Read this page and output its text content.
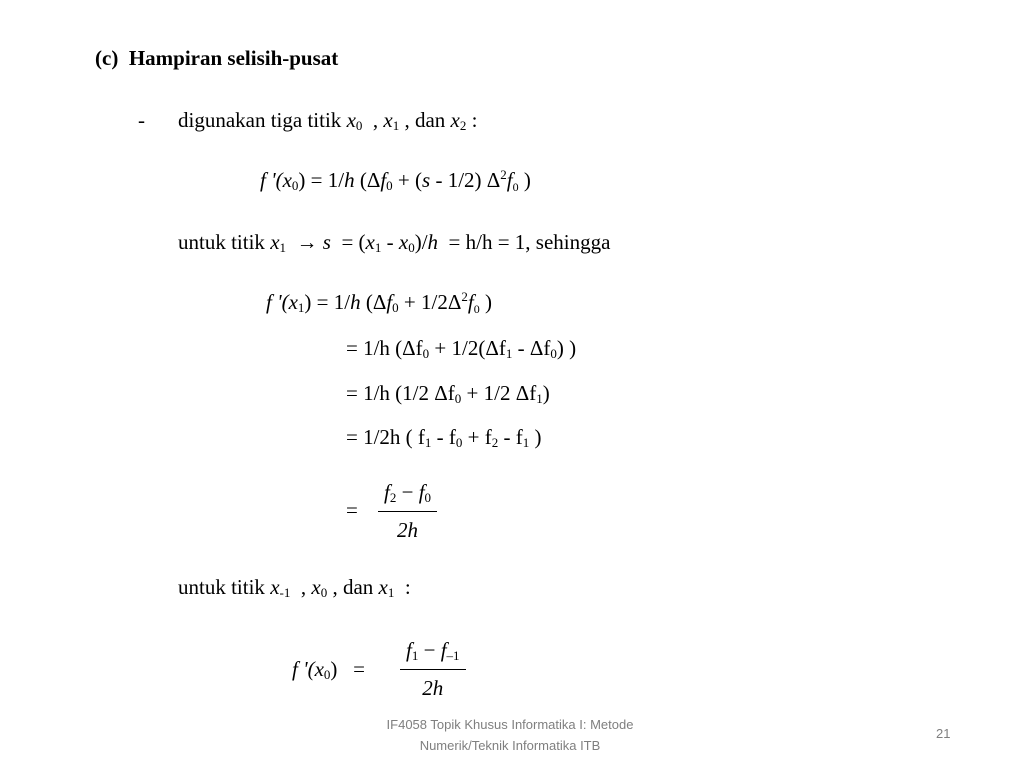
(c) Hampiran selisih-pusat
- digunakan tiga titik $x_0$ , $x_1$ , dan $x_2$ :
f '$(x_0) = 1/h$ ($\Delta f_0 + (s - 1/2)$ $\Delta^2f_0$ )
untuk titik $x_1 \to s = (x_1 - x_0)/h = h/h = 1$, sehingga
f '$(x_1) = 1/h$ ($\Delta f_0 + 1/2\Delta^2f_0$ )
= 1/h ($\Delta f_0 + 1/2(\Delta f_1 - \Delta f_0)$ )
= 1/h (1/2 $\Delta f_0 + 1/2$ $\Delta f_1$)
= 1/2h ( $f_1 - f_0 + f_2 - f_1$ )
=
$f_2 - f_0$
2h
untuk titik $x_{-1}$ , $x_0$ , dan $x_1$ :
f '$(x_0)$ =
$f_1 - f_{-1}$
2h
IF4058 Topik Khusus Informatika I: Metode
Numerik/Teknik Informatika ITB
21
